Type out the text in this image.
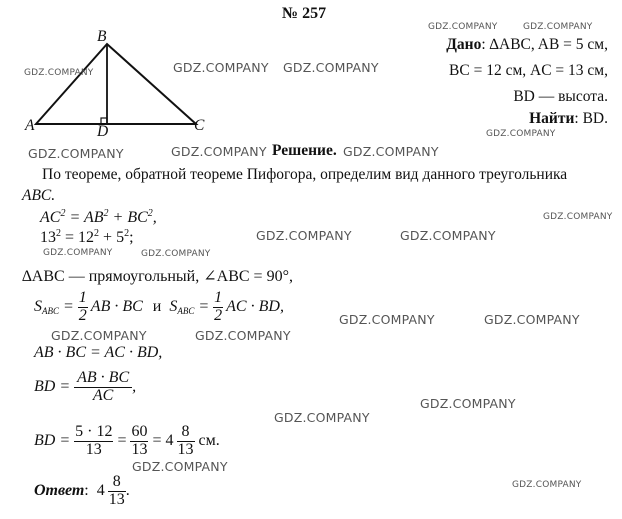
№ 257
B
A	D	C
Дано: ∆ABC, AB = 5 см,
BC = 12 см, AC = 13 см,
BD — высота.
Найти: BD.
Решение.
По теореме, обратной теореме Пифогора, определим вид данного треугольника
ABC.
$AC^2 = AB^2 + BC^2$,
$13^2 = 12^2 + 5^2$;
∆ABC — прямоугольный, ∠ABC = 90°,
$S_{ABC} = \frac{1}{2}$ AB · BC и $S_{ABC} = \frac{1}{2}$ AC · BD ,
AB · BC = AC · BD,
BD = $\frac{AB \cdot BC}{AC}$ ,
BD = $\frac{5 \cdot 12}{13} = \frac{60}{13} = 4 \frac{8}{13}$ см.
Ответ : $4 \frac{8}{13}$ .
GDZ.COMPANY	GDZ.COMPANY
GDZ.COMPANY	GDZ.COMPANY GDZ.COMPANY
GDZ.COMPANY
GDZ.COMPANY	GDZ.COMPANY	GDZ.COMPANY
GDZ.COMPANY
GDZ.COMPANY	GDZ.COMPANY
GDZ.COMPANY	GDZ.COMPANY
GDZ.COMPANY	GDZ.COMPANY
GDZ.COMPANY	GDZ.COMPANY
GDZ.COMPANY
GDZ.COMPANY
GDZ.COMPANY
GDZ.COMPANY
